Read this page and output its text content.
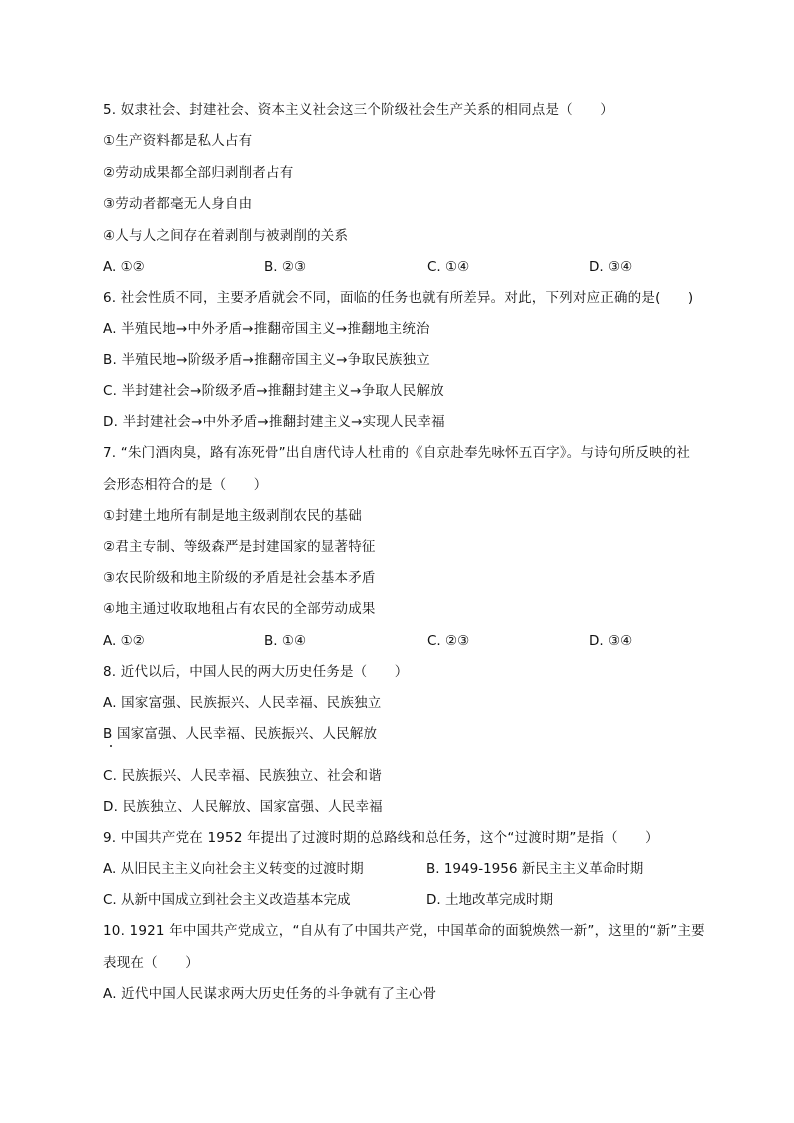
5. 奴隶社会、封建社会、资本主义社会这三个阶级社会生产关系的相同点是（　　）
①生产资料都是私人占有
②劳动成果都全部归剥削者占有
③劳动者都毫无人身自由
④人与人之间存在着剥削与被剥削的关系
A. ①②	B. ②③	C. ①④	D. ③④
6. 社会性质不同，主要矛盾就会不同，面临的任务也就有所差异。对此，下列对应正确的是(　　)
A. 半殖民地→中外矛盾→推翻帝国主义→推翻地主统治
B. 半殖民地→阶级矛盾→推翻帝国主义→争取民族独立
C. 半封建社会→阶级矛盾→推翻封建主义→争取人民解放
D. 半封建社会→中外矛盾→推翻封建主义→实现人民幸福
7. “朱门酒肉臭，路有冻死骨”出自唐代诗人杜甫的《自京赴奉先咏怀五百字》。与诗句所反映的社
会形态相符合的是（　　）
①封建土地所有制是地主级剥削农民的基础
②君主专制、等级森严是封建国家的显著特征
③农民阶级和地主阶级的矛盾是社会基本矛盾
④地主通过收取地租占有农民的全部劳动成果
A. ①②	B. ①④	C. ②③	D. ③④
8. 近代以后，中国人民的两大历史任务是（　　）
A. 国家富强、民族振兴、人民幸福、民族独立
B 国家富强、人民幸福、民族振兴、人民解放
C. 民族振兴、人民幸福、民族独立、社会和谐
D. 民族独立、人民解放、国家富强、人民幸福
9. 中国共产党在 1952 年提出了过渡时期的总路线和总任务，这个“过渡时期”是指（　　）
A. 从旧民主主义向社会主义转变的过渡时期	B. 1949-1956 新民主主义革命时期
C. 从新中国成立到社会主义改造基本完成	D. 土地改革完成时期
10. 1921 年中国共产党成立，“自从有了中国共产党，中国革命的面貌焕然一新”，这里的“新”主要
表现在（　　）
A. 近代中国人民谋求两大历史任务的斗争就有了主心骨
